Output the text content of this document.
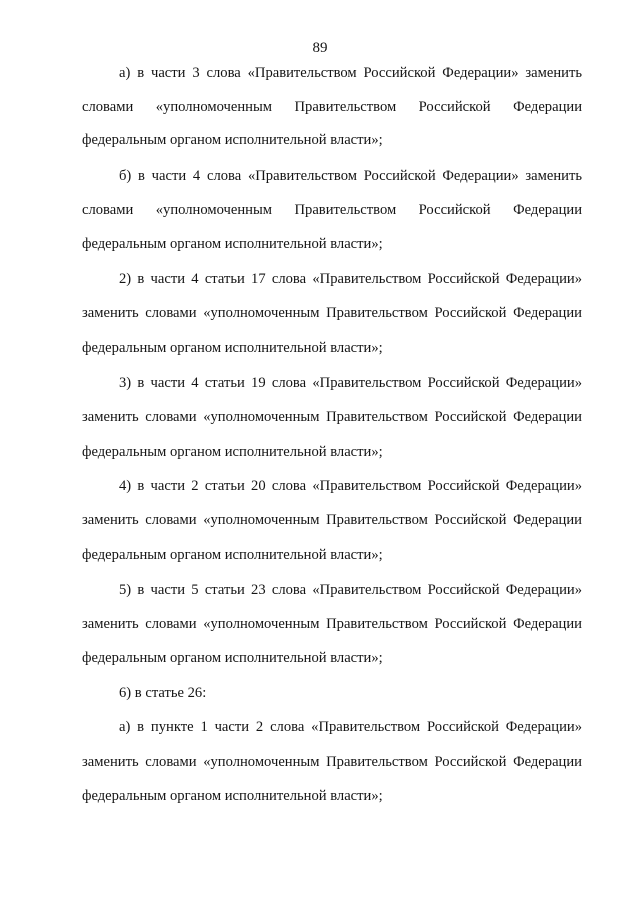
89
а) в части 3 слова «Правительством Российской Федерации» заменить
словами «уполномоченным Правительством Российской Федерации
федеральным органом исполнительной власти»;
б) в части 4 слова «Правительством Российской Федерации» заменить
словами «уполномоченным Правительством Российской Федерации
федеральным органом исполнительной власти»;
2) в части 4 статьи 17 слова «Правительством Российской Федерации»
заменить словами «уполномоченным Правительством Российской Федерации
федеральным органом исполнительной власти»;
3) в части 4 статьи 19 слова «Правительством Российской Федерации»
заменить словами «уполномоченным Правительством Российской Федерации
федеральным органом исполнительной власти»;
4) в части 2 статьи 20 слова «Правительством Российской Федерации»
заменить словами «уполномоченным Правительством Российской Федерации
федеральным органом исполнительной власти»;
5) в части 5 статьи 23 слова «Правительством Российской Федерации»
заменить словами «уполномоченным Правительством Российской Федерации
федеральным органом исполнительной власти»;
6) в статье 26:
а) в пункте 1 части 2 слова «Правительством Российской Федерации»
заменить словами «уполномоченным Правительством Российской Федерации
федеральным органом исполнительной власти»;
